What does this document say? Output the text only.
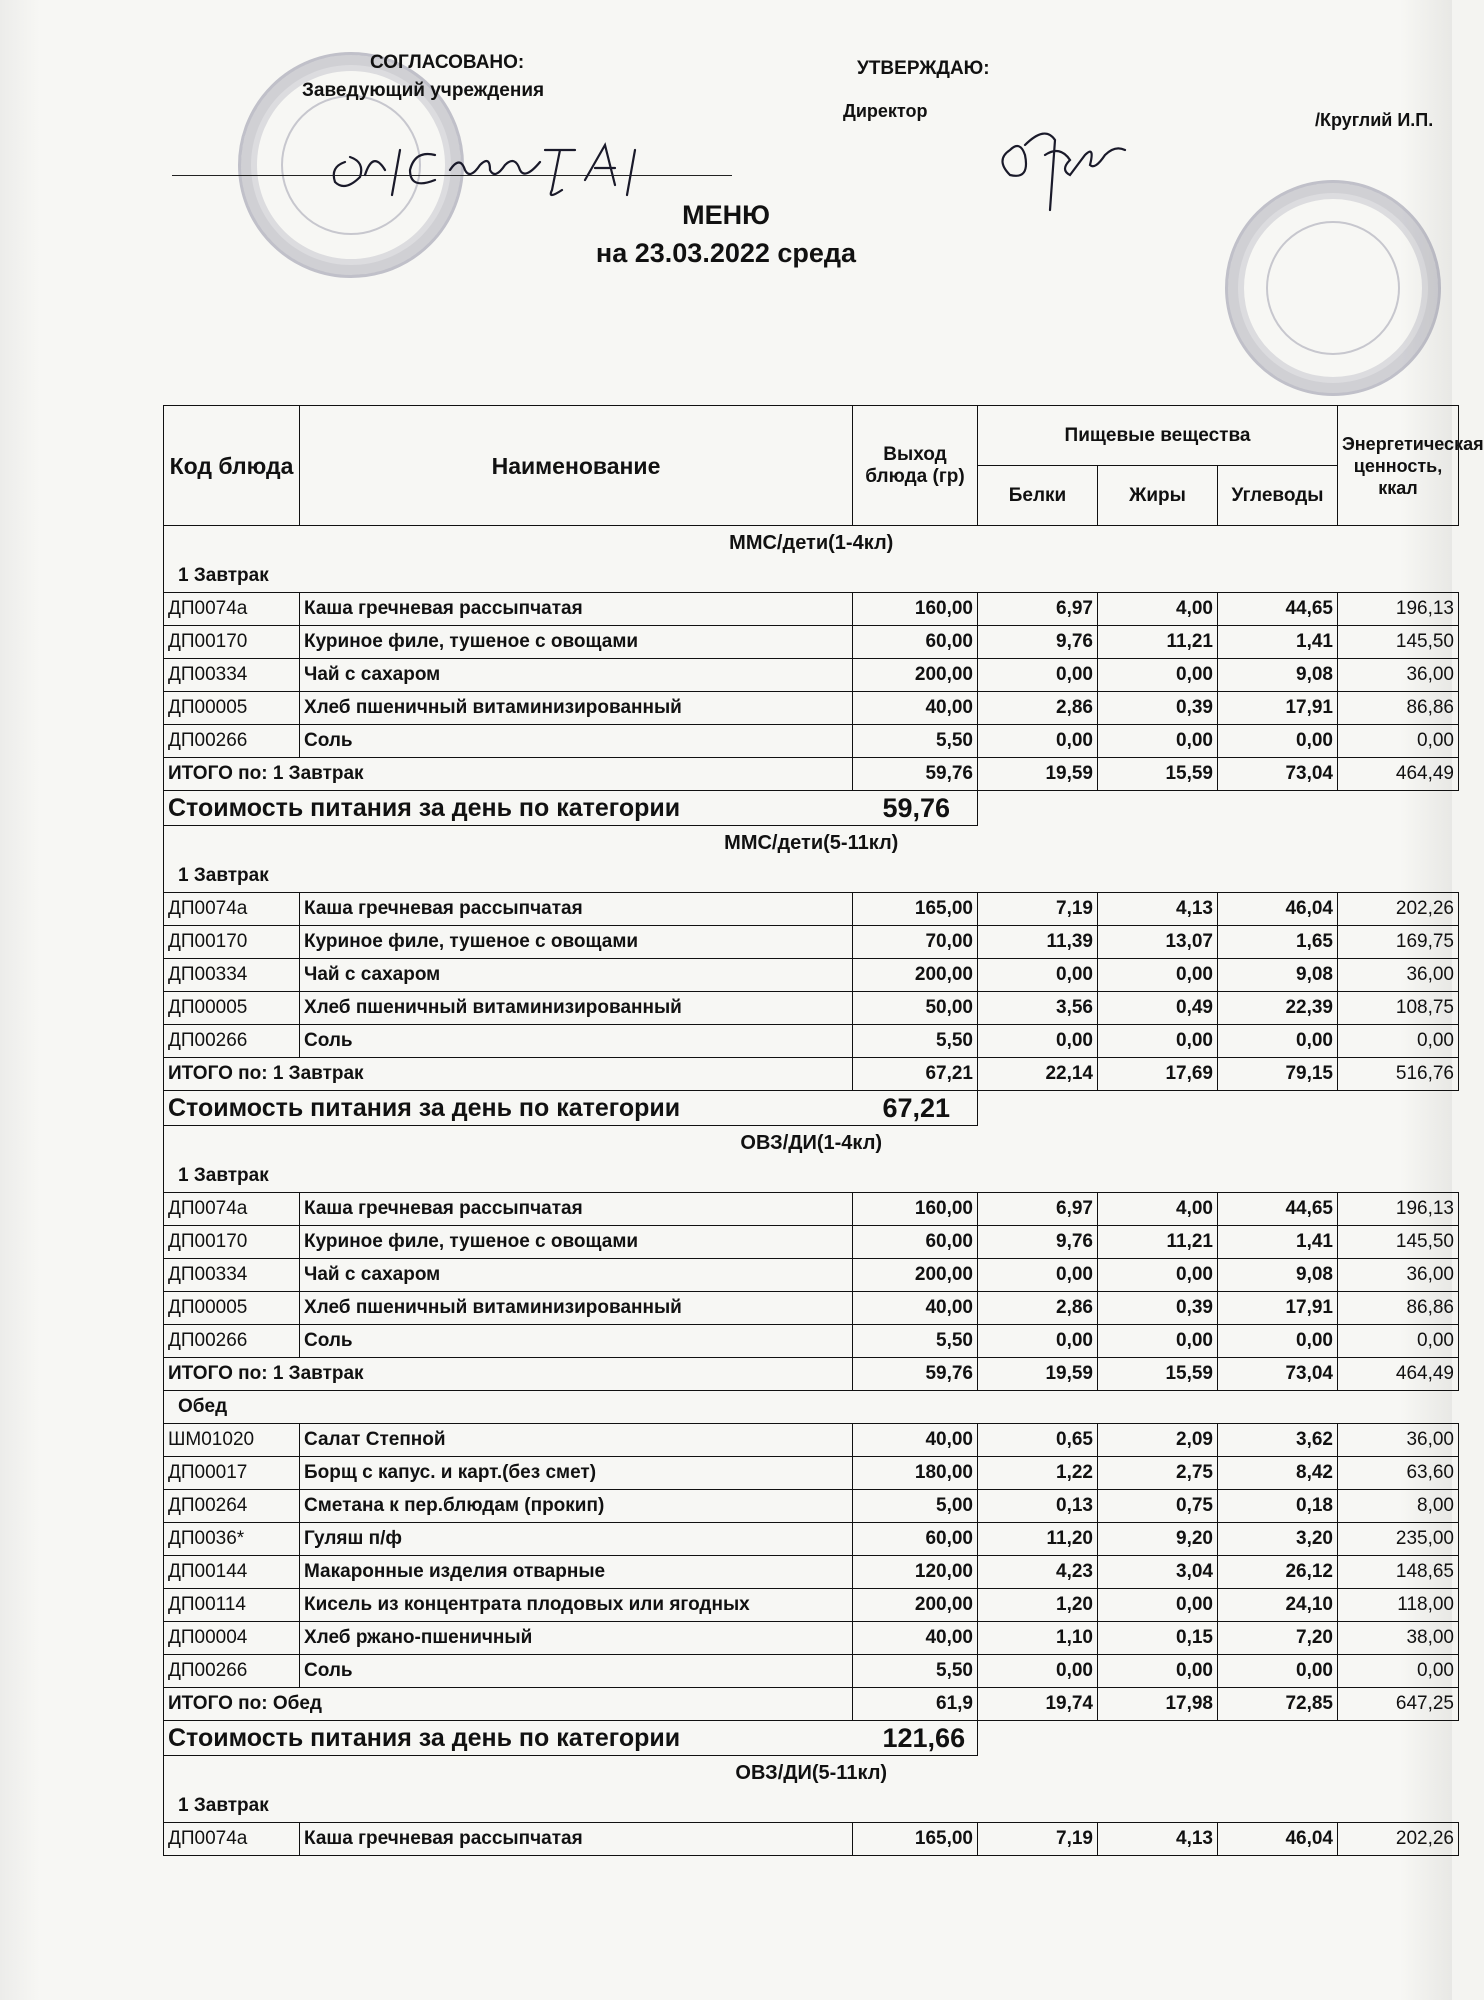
СОГЛАСОВАНО:
Заведующий учреждения
УТВЕРЖДАЮ:
Директор	/Круглий И.П.
Оф/ 1 Сафина Т.А/
МЕНЮ
на 23.03.2022 среда
Код блюда	Наименование	Выход блюда (гр)	Пищевые вещества			Энергетическая ценность, ккал
			Белки	Жиры	Углеводы	
ММС/дети(1-4кл)						
1 Завтрак						
ДП0074а	Каша гречневая рассыпчатая	160,00	6,97	4,00	44,65	196,13
ДП00170	Куриное филе, тушеное с овощами	60,00	9,76	11,21	1,41	145,50
ДП00334	Чай с сахаром	200,00	0,00	0,00	9,08	36,00
ДП00005	Хлеб пшеничный витаминизированный	40,00	2,86	0,39	17,91	86,86
ДП00266	Соль	5,50	0,00	0,00	0,00	0,00
ИТОГО по: 1 Завтрак		59,76	19,59	15,59	73,04	464,49
Стоимость питания за день по категории		59,76				
ММС/дети(5-11кл)						
1 Завтрак						
ДП0074а	Каша гречневая рассыпчатая	165,00	7,19	4,13	46,04	202,26
ДП00170	Куриное филе, тушеное с овощами	70,00	11,39	13,07	1,65	169,75
ДП00334	Чай с сахаром	200,00	0,00	0,00	9,08	36,00
ДП00005	Хлеб пшеничный витаминизированный	50,00	3,56	0,49	22,39	108,75
ДП00266	Соль	5,50	0,00	0,00	0,00	0,00
ИТОГО по: 1 Завтрак		67,21	22,14	17,69	79,15	516,76
Стоимость питания за день по категории		67,21				
ОВЗ/ДИ(1-4кл)						
1 Завтрак						
ДП0074а	Каша гречневая рассыпчатая	160,00	6,97	4,00	44,65	196,13
ДП00170	Куриное филе, тушеное с овощами	60,00	9,76	11,21	1,41	145,50
ДП00334	Чай с сахаром	200,00	0,00	0,00	9,08	36,00
ДП00005	Хлеб пшеничный витаминизированный	40,00	2,86	0,39	17,91	86,86
ДП00266	Соль	5,50	0,00	0,00	0,00	0,00
ИТОГО по: 1 Завтрак		59,76	19,59	15,59	73,04	464,49
Обед						
ШМ01020	Салат Степной	40,00	0,65	2,09	3,62	36,00
ДП00017	Борщ с капус. и карт.(без смет)	180,00	1,22	2,75	8,42	63,60
ДП00264	Сметана к пер.блюдам (прокип)	5,00	0,13	0,75	0,18	8,00
ДП0036*	Гуляш п/ф	60,00	11,20	9,20	3,20	235,00
ДП00144	Макаронные изделия отварные	120,00	4,23	3,04	26,12	148,65
ДП00114	Кисель из концентрата плодовых или ягодных	200,00	1,20	0,00	24,10	118,00
ДП00004	Хлеб ржано-пшеничный	40,00	1,10	0,15	7,20	38,00
ДП00266	Соль	5,50	0,00	0,00	0,00	0,00
ИТОГО по: Обед		61,9	19,74	17,98	72,85	647,25
Стоимость питания за день по категории		121,66				
ОВЗ/ДИ(5-11кл)						
1 Завтрак						
ДП0074а	Каша гречневая рассыпчатая	165,00	7,19	4,13	46,04	202,26
